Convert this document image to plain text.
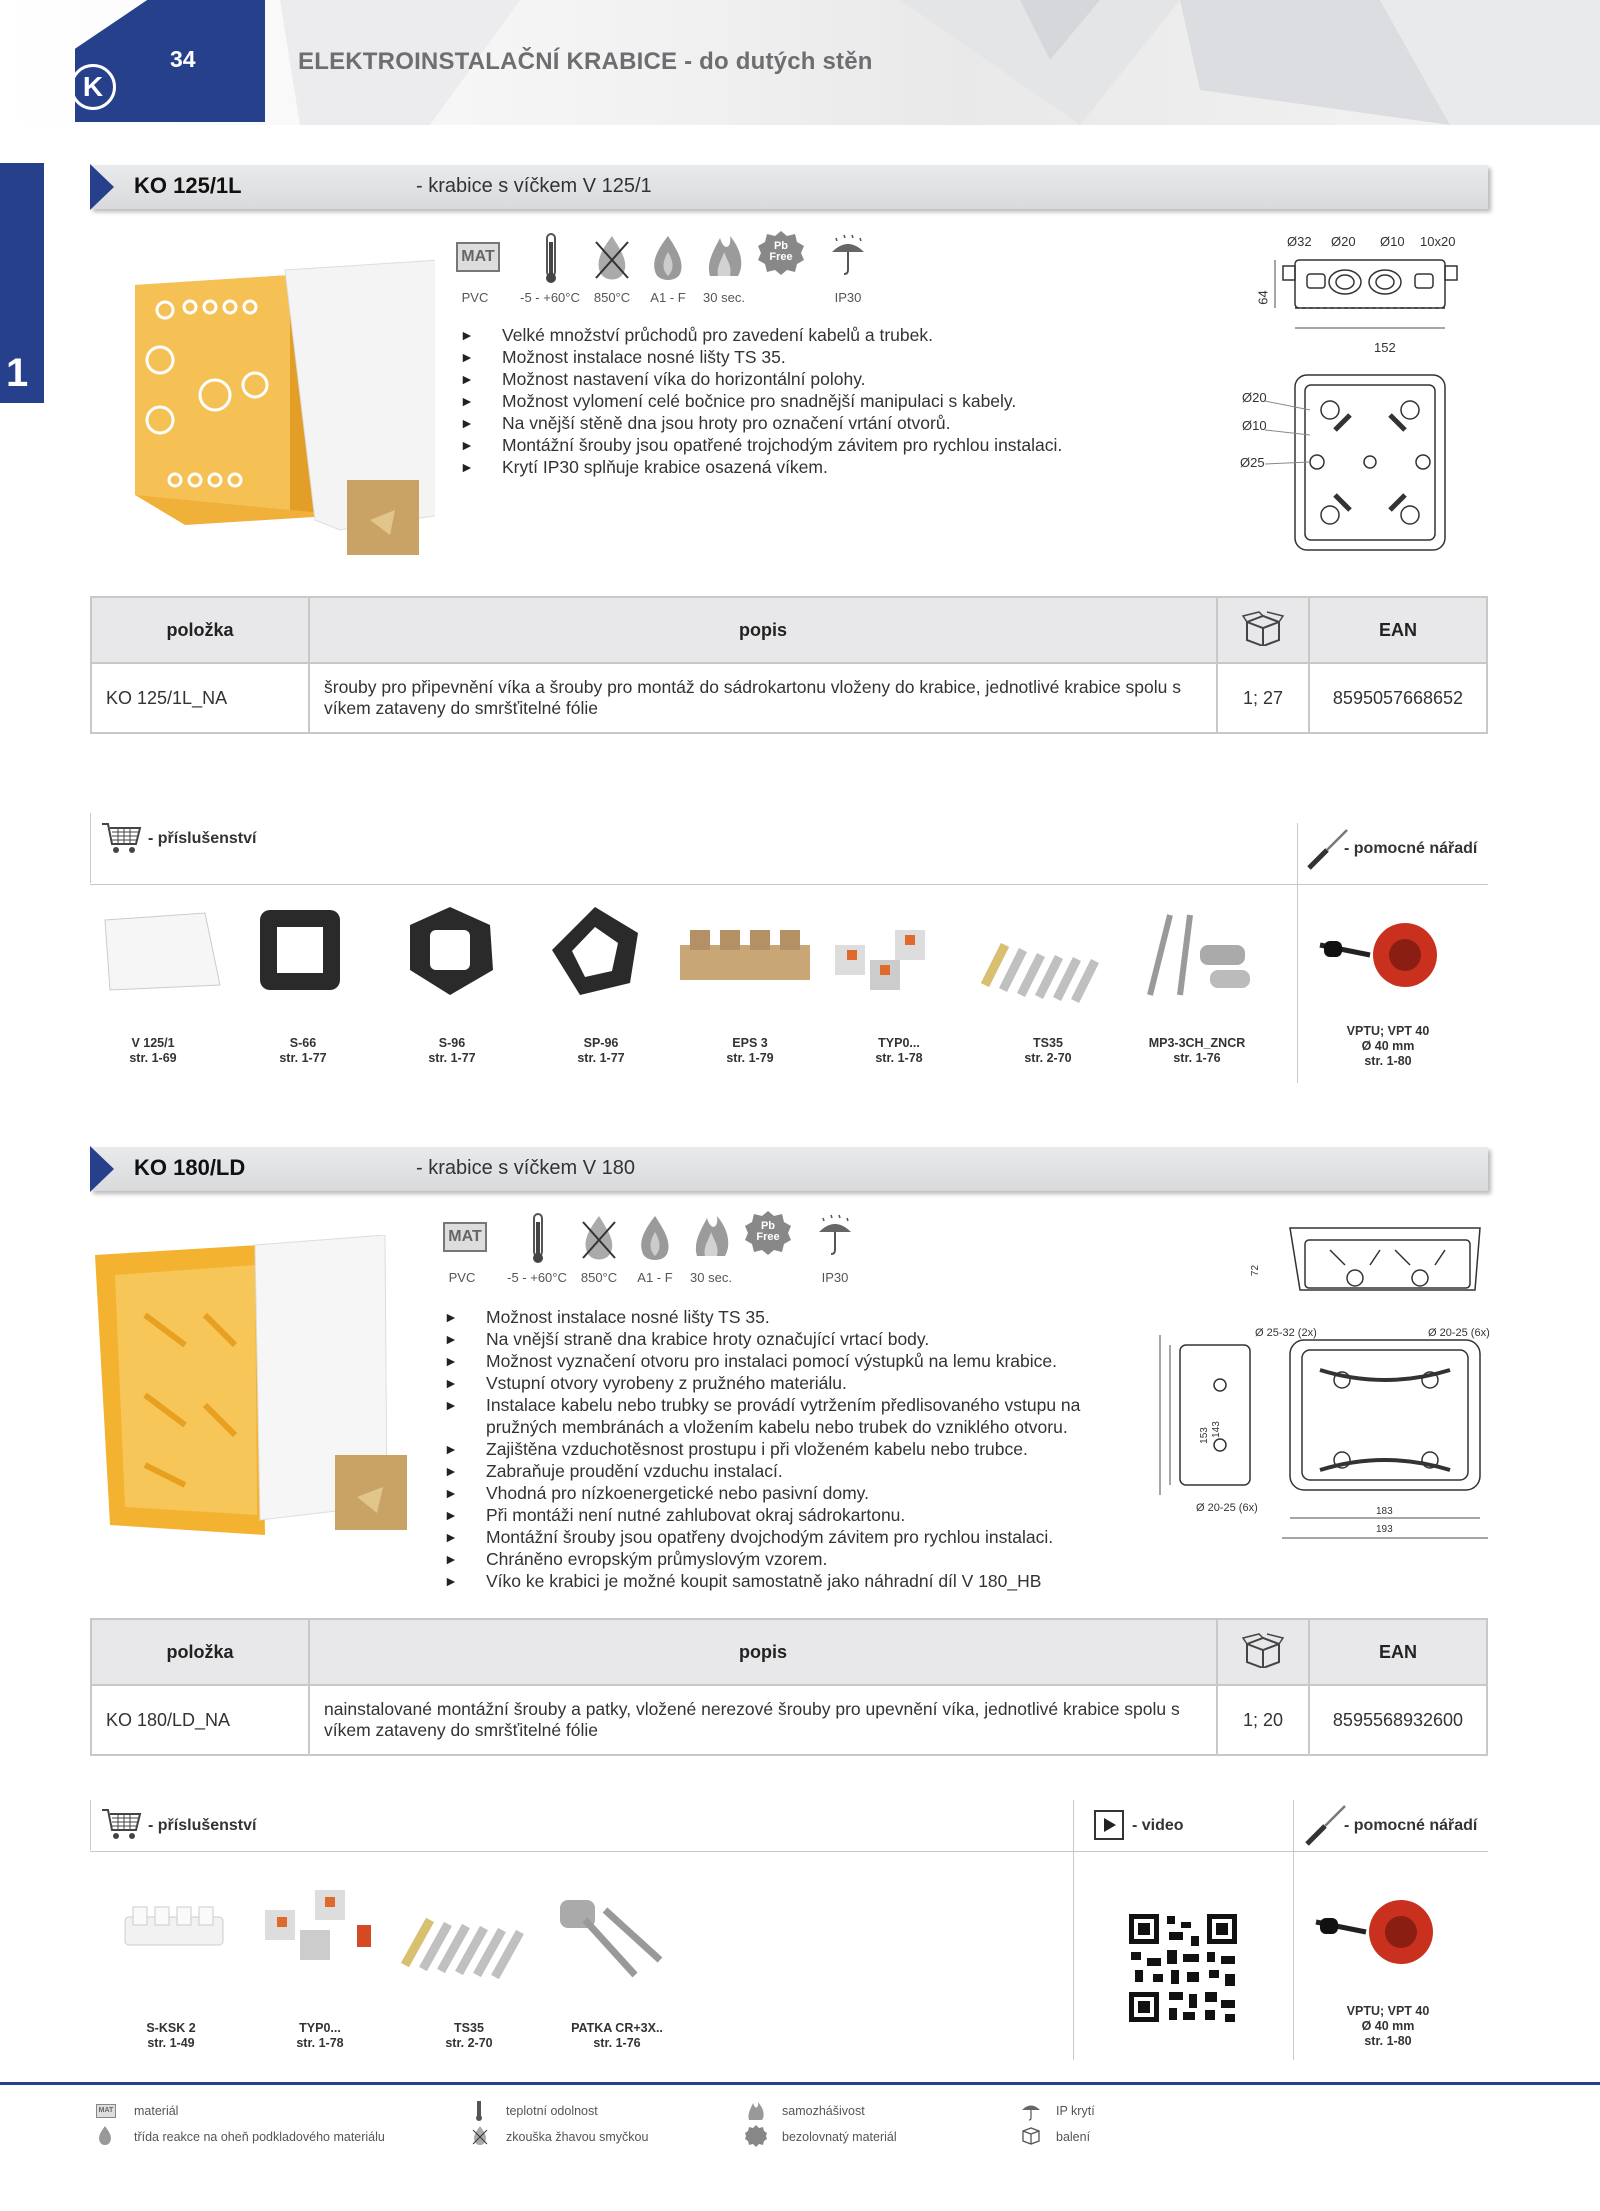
K
34	ELEKTROINSTALAČNÍ KRABICE - do dutých stěn
1
KO 125/1L	- krabice s víčkem V 125/1
MAT
Pb
Free
PVC	-5 - +60°C	850°C	A1 - F	30 sec.	IP30
► Velké množství průchodů pro zavedení kabelů a trubek.
► Možnost instalace nosné lišty TS 35.
► Možnost nastavení víka do horizontální polohy.
► Možnost vylomení celé bočnice pro snadnější manipulaci s kabely.
► Na vnější stěně dna jsou hroty pro označení vrtání otvorů.
► Montážní šrouby jsou opatřené trojchodým závitem pro rychlou instalaci.
► Krytí IP30 splňuje krabice osazená víkem.
Ø32 Ø20 Ø10 10x20
64
152
Ø20
Ø10
Ø25
položka	popis		EAN
KO 125/1L_NA	šrouby pro připevnění víka a šrouby pro montáž do sádrokartonu vloženy do krabice, jednotlivé krabice spolu s víkem zataveny do smršťitelné fólie	1; 27	8595057668652
- příslušenství
- pomocné nářadí
V 125/1
str. 1-69
S-66
str. 1-77
S-96
str. 1-77
SP-96
str. 1-77
EPS 3
str. 1-79
TYP0...
str. 1-78
TS35
str. 2-70
MP3-3CH_ZNCR
str. 1-76
VPTU; VPT 40
Ø 40 mm
str. 1-80
KO 180/LD	- krabice s víčkem V 180
MAT
Pb
Free
PVC	-5 - +60°C	850°C	A1 - F	30 sec.	IP30
► Možnost instalace nosné lišty TS 35.
► Na vnější straně dna krabice hroty označující vrtací body.
► Možnost vyznačení otvoru pro instalaci pomocí výstupků na lemu krabice.
► Vstupní otvory vyrobeny z pružného materiálu.
► Instalace kabelu nebo trubky se provádí vytržením předlisovaného vstupu na pružných membránách a vložením kabelu nebo trubek do vzniklého otvoru.
► Zajištěna vzduchotěsnost prostupu i při vloženém kabelu nebo trubce.
► Zabraňuje proudění vzduchu instalací.
► Vhodná pro nízkoenergetické nebo pasivní domy.
► Při montáži není nutné zahlubovat okraj sádrokartonu.
► Montážní šrouby jsou opatřeny dvojchodým závitem pro rychlou instalaci.
► Chráněno evropským průmyslovým vzorem.
► Víko ke krabici je možné koupit samostatně jako náhradní díl V 180_HB
72
Ø 25-32 (2x)	Ø 20-25 (6x)
153 143
Ø 20-25 (6x)	183
193
položka	popis		EAN
KO 180/LD_NA	nainstalované montážní šrouby a patky, vložené nerezové šrouby pro upevnění víka, jednotlivé krabice spolu s víkem zataveny do smršťitelné fólie	1; 20	8595568932600
- příslušenství	- video	- pomocné nářadí
S-KSK 2
str. 1-49
TYP0...
str. 1-78
TS35
str. 2-70
PATKA CR+3X..
str. 1-76
VPTU; VPT 40
Ø 40 mm
str. 1-80
MAT materiál
třída reakce na oheň podkladového materiálu
teplotní odolnost
zkouška žhavou smyčkou
samozhášivost
bezolovnatý materiál
IP krytí
balení
